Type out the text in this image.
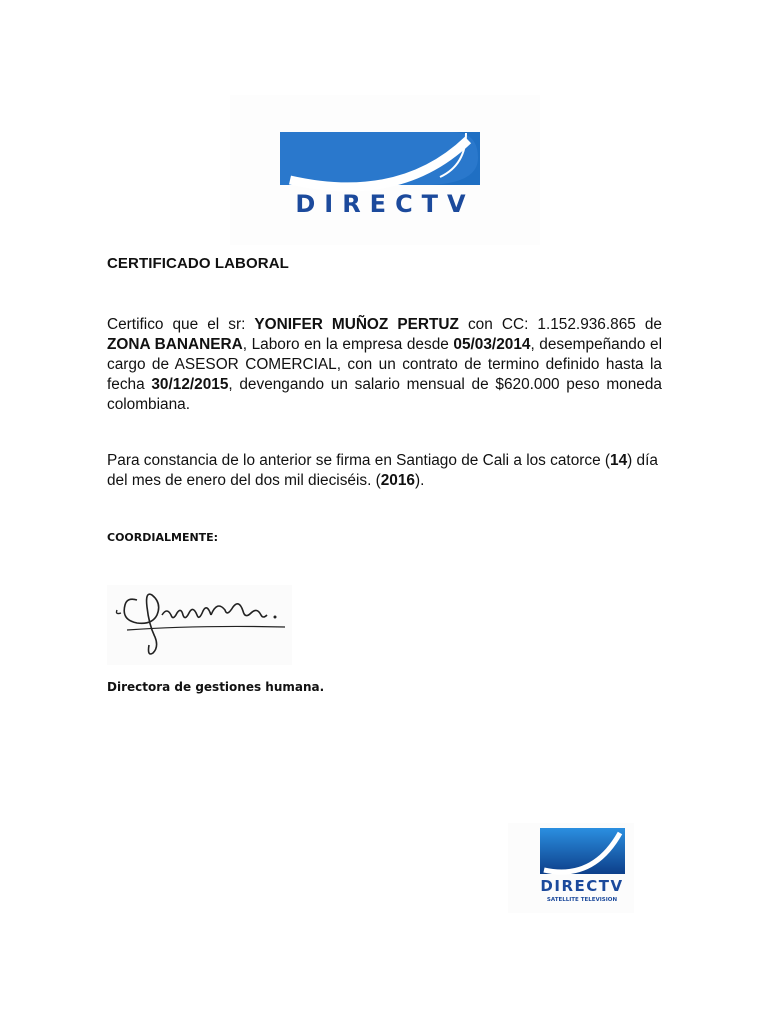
DIRECTV
CERTIFICADO LABORAL
Certifico que el sr: YONIFER MUÑOZ PERTUZ con CC: 1.152.936.865 de ZONA BANANERA, Laboro en la empresa desde 05/03/2014, desempeñando el cargo de ASESOR COMERCIAL, con un contrato de termino definido hasta la fecha 30/12/2015, devengando un salario mensual de $620.000 peso moneda colombiana.
Para constancia de lo anterior se firma en Santiago de Cali a los catorce (14) día del mes de enero del dos mil dieciséis. (2016).
COORDIALMENTE:
Directora de gestiones humana.
DIRECTV
SATELLITE TELEVISION
